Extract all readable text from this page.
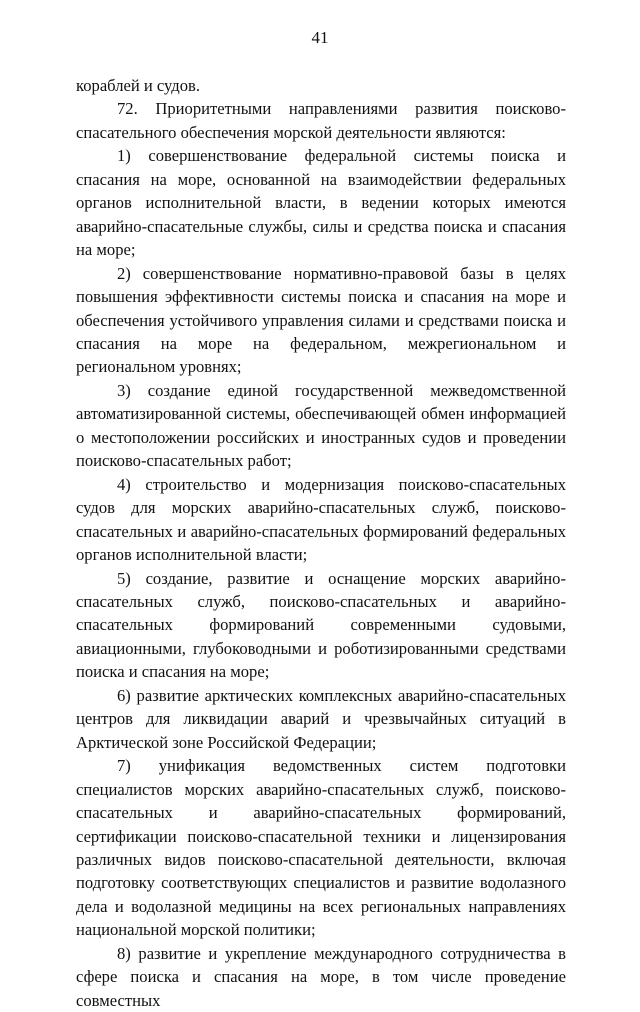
41

кораблей и судов.

72. Приоритетными направлениями развития поисково-спасательного обеспечения морской деятельности являются:

1) совершенствование федеральной системы поиска и спасания на море, основанной на взаимодействии федеральных органов исполнительной власти, в ведении которых имеются аварийно-спасательные службы, силы и средства поиска и спасания на море;

2) совершенствование нормативно-правовой базы в целях повышения эффективности системы поиска и спасания на море и обеспечения устойчивого управления силами и средствами поиска и спасания на море на федеральном, межрегиональном и региональном уровнях;

3) создание единой государственной межведомственной автоматизированной системы, обеспечивающей обмен информацией о местоположении российских и иностранных судов и проведении поисково-спасательных работ;

4) строительство и модернизация поисково-спасательных судов для морских аварийно-спасательных служб, поисково-спасательных и аварийно-спасательных формирований федеральных органов исполнительной власти;

5) создание, развитие и оснащение морских аварийно-спасательных служб, поисково-спасательных и аварийно-спасательных формирований современными судовыми, авиационными, глубоководными и роботизированными средствами поиска и спасания на море;

6) развитие арктических комплексных аварийно-спасательных центров для ликвидации аварий и чрезвычайных ситуаций в Арктической зоне Российской Федерации;

7) унификация ведомственных систем подготовки специалистов морских аварийно-спасательных служб, поисково-спасательных и аварийно-спасательных формирований, сертификации поисково-спасательной техники и лицензирования различных видов поисково-спасательной деятельности, включая подготовку соответствующих специалистов и развитие водолазного дела и водолазной медицины на всех региональных направлениях национальной морской политики;

8) развитие и укрепление международного сотрудничества в сфере поиска и спасания на море, в том числе проведение совместных
